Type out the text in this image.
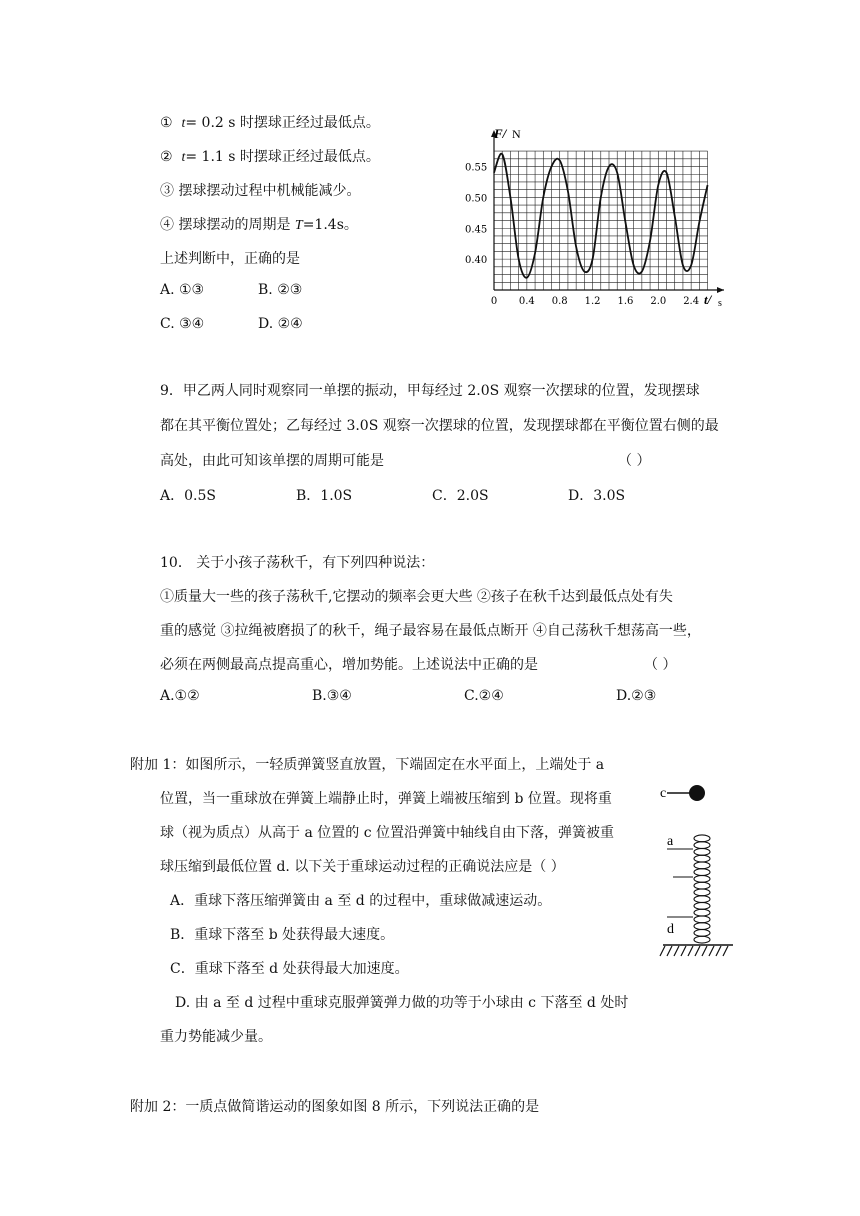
① t= 0.2 s 时摆球正经过最低点。
② t= 1.1 s 时摆球正经过最低点。
③ 摆球摆动过程中机械能减少。
④ 摆球摆动的周期是 T=1.4s。
上述判断中，正确的是
A. ①③	B. ②③
C. ③④	D. ②④
F/ N
t/ s
0.55
0.50
0.45
0.40
0 0.4 0.8 1.2 1.6 2.0 2.4
9．甲乙两人同时观察同一单摆的振动，甲每经过 2.0S 观察一次摆球的位置，发现摆球
都在其平衡位置处；乙每经过 3.0S 观察一次摆球的位置，发现摆球都在平衡位置右侧的最
高处，由此可知该单摆的周期可能是	（ ）
A．0.5S	B．1.0S	C．2.0S	D．3.0S
10． 关于小孩子荡秋千，有下列四种说法：
①质量大一些的孩子荡秋千,它摆动的频率会更大些 ②孩子在秋千达到最低点处有失
重的感觉 ③拉绳被磨损了的秋千，绳子最容易在最低点断开 ④自己荡秋千想荡高一些，
必须在两侧最高点提高重心，增加势能。上述说法中正确的是	（ ）
A.①②	B.③④	C.②④	D.②③
附加 1：如图所示，一轻质弹簧竖直放置，下端固定在水平面上，上端处于 a
位置，当一重球放在弹簧上端静止时，弹簧上端被压缩到 b 位置。现将重
球（视为质点）从高于 a 位置的 c 位置沿弹簧中轴线自由下落，弹簧被重
球压缩到最低位置 d. 以下关于重球运动过程的正确说法应是（ ）
A．重球下落压缩弹簧由 a 至 d 的过程中，重球做减速运动。
B．重球下落至 b 处获得最大速度。
C．重球下落至 d 处获得最大加速度。
D. 由 a 至 d 过程中重球克服弹簧弹力做的功等于小球由 c 下落至 d 处时
重力势能减少量。
c
a
d
附加 2：一质点做简谐运动的图象如图 8 所示，下列说法正确的是
